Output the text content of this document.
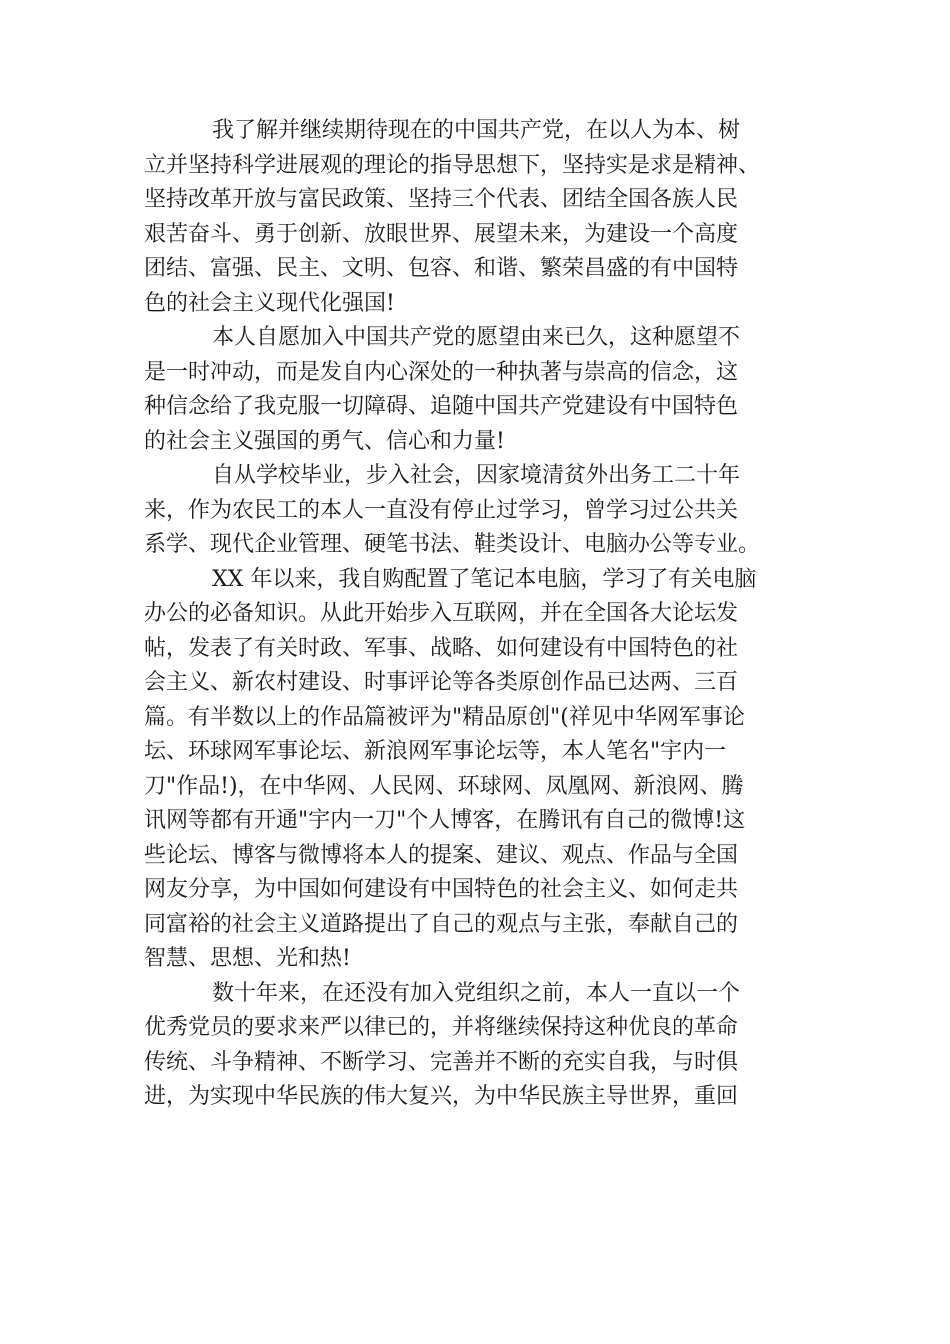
我了解并继续期待现在的中国共产党，在以人为本、树
立并坚持科学进展观的理论的指导思想下，坚持实是求是精神、
坚持改革开放与富民政策、坚持三个代表、团结全国各族人民
艰苦奋斗、勇于创新、放眼世界、展望未来，为建设一个高度
团结、富强、民主、文明、包容、和谐、繁荣昌盛的有中国特
色的社会主义现代化强国!
本人自愿加入中国共产党的愿望由来已久，这种愿望不
是一时冲动，而是发自内心深处的一种执著与崇高的信念，这
种信念给了我克服一切障碍、追随中国共产党建设有中国特色
的社会主义强国的勇气、信心和力量!
自从学校毕业，步入社会，因家境清贫外出务工二十年
来，作为农民工的本人一直没有停止过学习，曾学习过公共关
系学、现代企业管理、硬笔书法、鞋类设计、电脑办公等专业。
XX 年以来，我自购配置了笔记本电脑，学习了有关电脑
办公的必备知识。从此开始步入互联网，并在全国各大论坛发
帖，发表了有关时政、军事、战略、如何建设有中国特色的社
会主义、新农村建设、时事评论等各类原创作品已达两、三百
篇。有半数以上的作品篇被评为"精品原创"(祥见中华网军事论
坛、环球网军事论坛、新浪网军事论坛等，本人笔名"宇内一
刀"作品!)，在中华网、人民网、环球网、凤凰网、新浪网、腾
讯网等都有开通"宇内一刀"个人博客，在腾讯有自己的微博!这
些论坛、博客与微博将本人的提案、建议、观点、作品与全国
网友分享，为中国如何建设有中国特色的社会主义、如何走共
同富裕的社会主义道路提出了自己的观点与主张，奉献自己的
智慧、思想、光和热!
数十年来，在还没有加入党组织之前，本人一直以一个
优秀党员的要求来严以律已的，并将继续保持这种优良的革命
传统、斗争精神、不断学习、完善并不断的充实自我，与时俱
进，为实现中华民族的伟大复兴，为中华民族主导世界，重回
